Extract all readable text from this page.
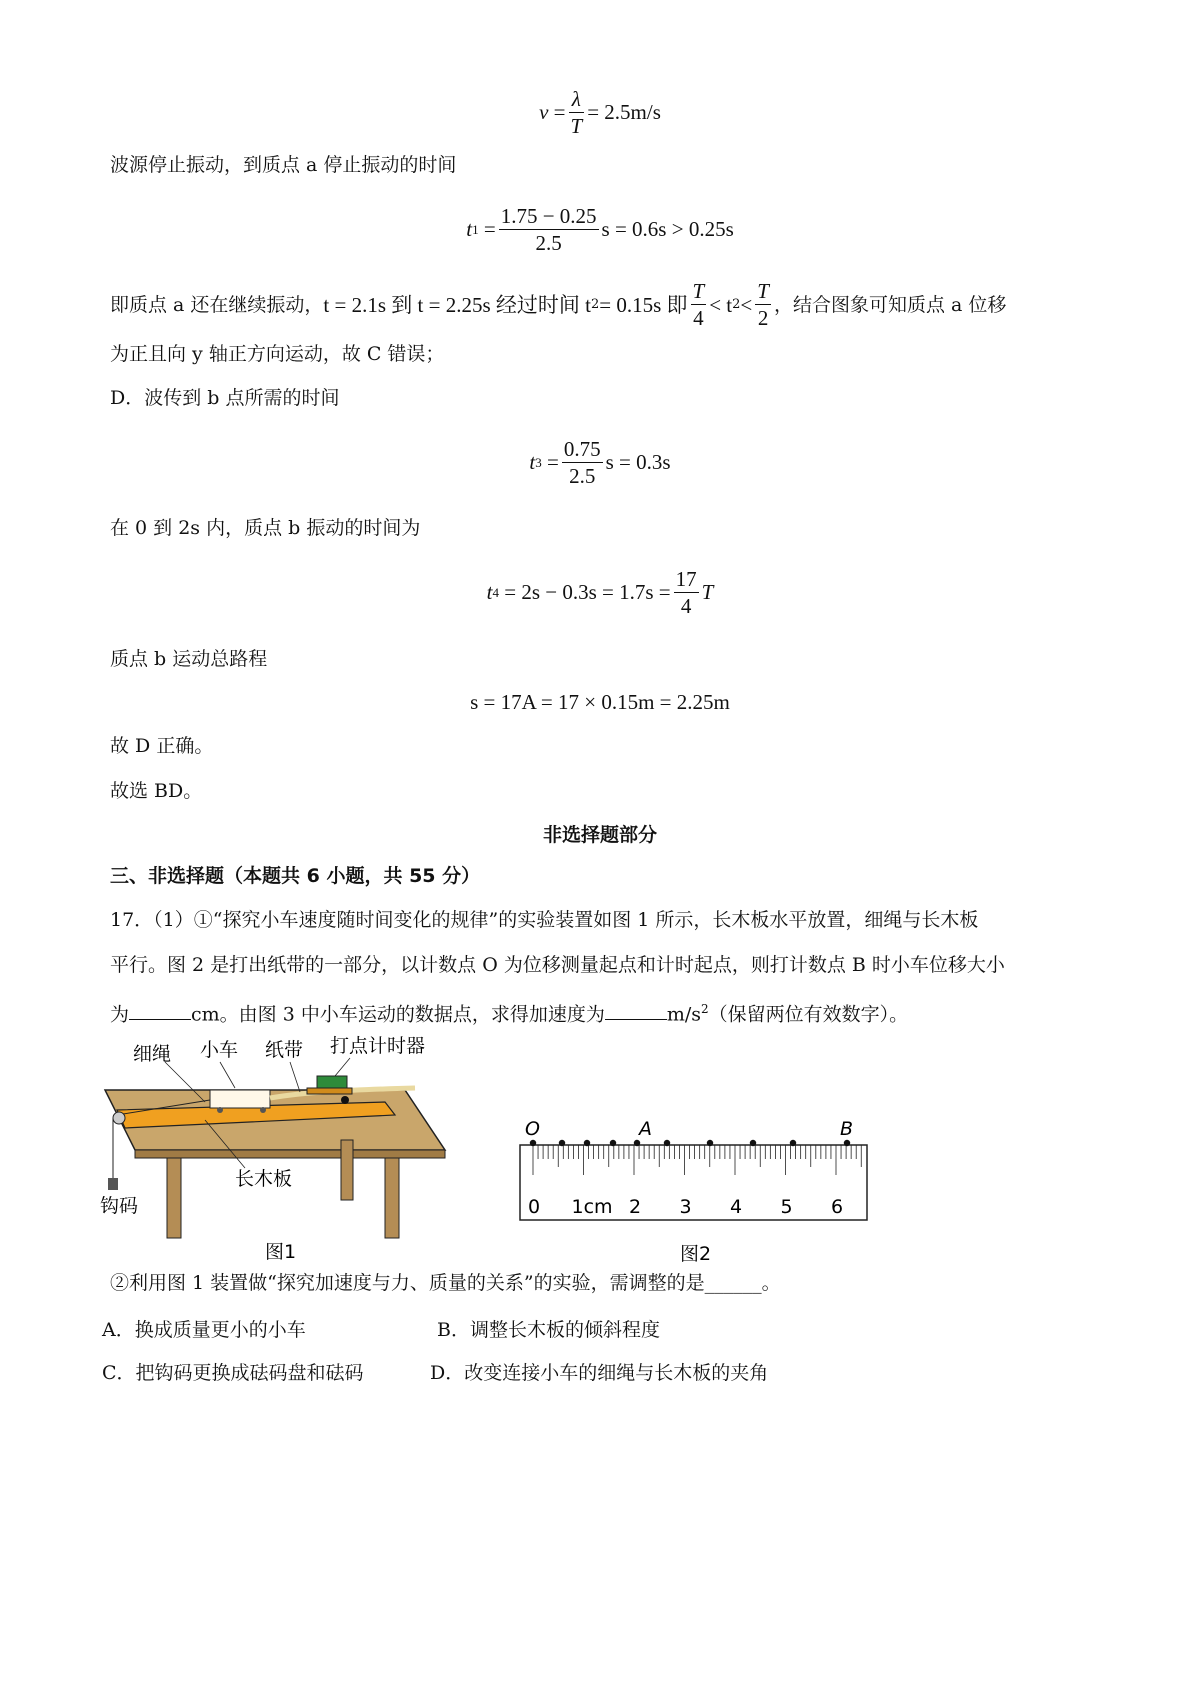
$v = \frac{\lambda}{T} = 2.5m/s$
波源停止振动，到质点 a 停止振动的时间
t $1 = \frac{1.75 - 0.25}{2.5}$ s = 0.6s > 0.25s
即质点 a 还在继续振动， t = 2.1s 到 t = 2.25s 经过时间 t 2 = 0.15s 即 $\frac{T}{4} < t$ $2 < \frac{T}{2}$ ，结合图象可知质点 a 位移
为正且向 y 轴正方向运动，故 C 错误；
D．波传到 b 点所需的时间
t $3 = \frac{0.75}{2.5}$ s = 0.3s
在 0 到 2s 内，质点 b 振动的时间为
t 4
= $2s - 0.3s = 1.7s = \frac{17}{4}$ T
质点 b 运动总路程
s = 17A = 17 × 0.15m = 2.25m
故 D 正确。
故选 BD。
非选择题部分
三、非选择题（本题共 6 小题，共 55 分）
17．（1）①“探究小车速度随时间变化的规律”的实验装置如图 1 所示，长木板水平放置，细绳与长木板
平行。图 2 是打出纸带的一部分，以计数点 O 为位移测量起点和计时起点，则打计数点 B 时小车位移大小
为	cm。由图 3 中小车运动的数据点，求得加速度为	$m/s^2$（保留两位有效数字）。
细绳 小车 纸带 打点计时器
长木板
钩码
图1
O	A	B
0 1cm 2 3 4 5 6
图2
②利用图 1 装置做“探究加速度与力、质量的关系”的实验，需调整的是______。
A．换成质量更小的小车	B．调整长木板的倾斜程度
C．把钩码更换成砝码盘和砝码	D．改变连接小车的细绳与长木板的夹角
